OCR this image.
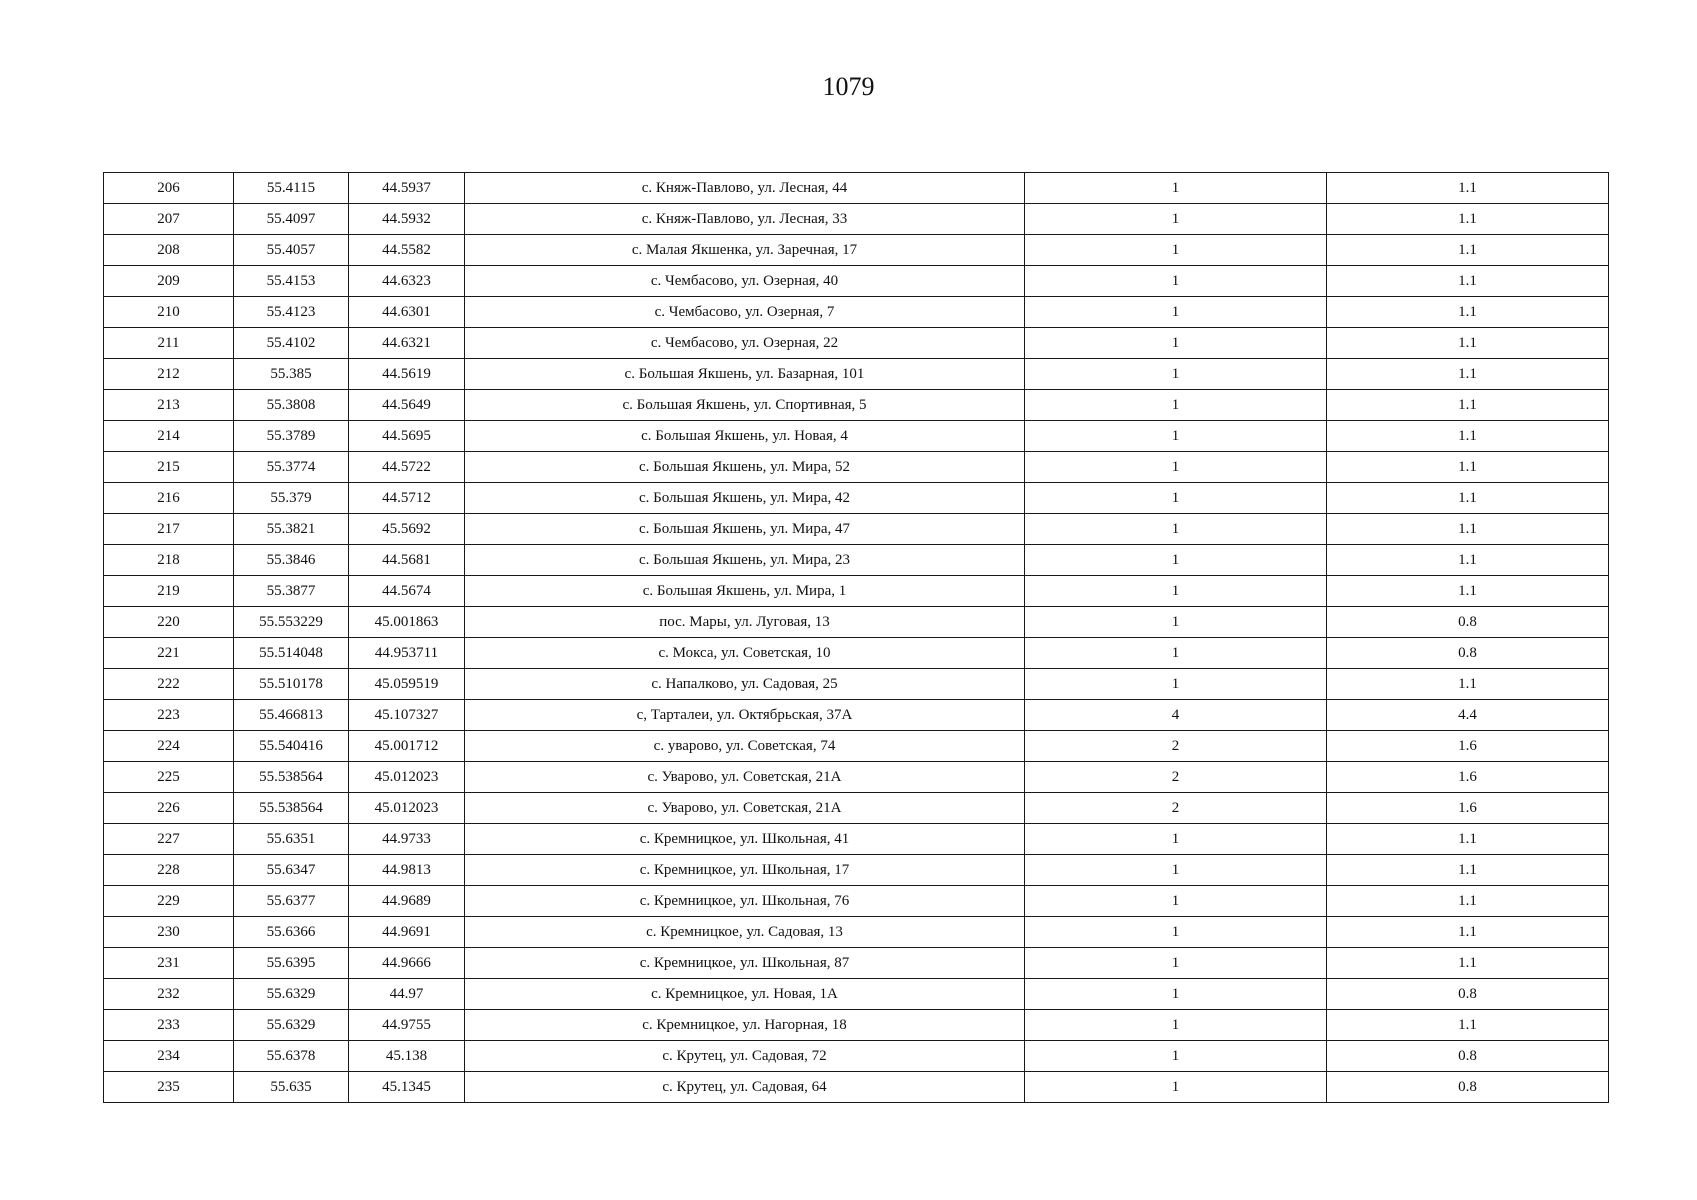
1079
206	55.4115	44.5937	с. Княж-Павлово, ул. Лесная, 44	1	1.1
207	55.4097	44.5932	с. Княж-Павлово, ул. Лесная, 33	1	1.1
208	55.4057	44.5582	с. Малая Якшенка, ул. Заречная, 17	1	1.1
209	55.4153	44.6323	с. Чембасово, ул. Озерная, 40	1	1.1
210	55.4123	44.6301	с. Чембасово, ул. Озерная, 7	1	1.1
211	55.4102	44.6321	с. Чембасово, ул. Озерная, 22	1	1.1
212	55.385	44.5619	с. Большая Якшень, ул. Базарная, 101	1	1.1
213	55.3808	44.5649	с. Большая Якшень, ул. Спортивная, 5	1	1.1
214	55.3789	44.5695	с. Большая Якшень, ул. Новая, 4	1	1.1
215	55.3774	44.5722	с. Большая Якшень, ул. Мира, 52	1	1.1
216	55.379	44.5712	с. Большая Якшень, ул. Мира, 42	1	1.1
217	55.3821	45.5692	с. Большая Якшень, ул. Мира, 47	1	1.1
218	55.3846	44.5681	с. Большая Якшень, ул. Мира, 23	1	1.1
219	55.3877	44.5674	с. Большая Якшень, ул. Мира, 1	1	1.1
220	55.553229	45.001863	пос. Мары, ул. Луговая, 13	1	0.8
221	55.514048	44.953711	с. Мокса, ул. Советская, 10	1	0.8
222	55.510178	45.059519	с. Напалково, ул. Садовая, 25	1	1.1
223	55.466813	45.107327	с, Тарталеи, ул. Октябрьская, 37А	4	4.4
224	55.540416	45.001712	с. уварово, ул. Советская, 74	2	1.6
225	55.538564	45.012023	с. Уварово, ул. Советская, 21А	2	1.6
226	55.538564	45.012023	с. Уварово, ул. Советская, 21А	2	1.6
227	55.6351	44.9733	с. Кремницкое, ул. Школьная, 41	1	1.1
228	55.6347	44.9813	с. Кремницкое, ул. Школьная, 17	1	1.1
229	55.6377	44.9689	с. Кремницкое, ул. Школьная, 76	1	1.1
230	55.6366	44.9691	с. Кремницкое, ул. Садовая, 13	1	1.1
231	55.6395	44.9666	с. Кремницкое, ул. Школьная, 87	1	1.1
232	55.6329	44.97	с. Кремницкое, ул. Новая, 1А	1	0.8
233	55.6329	44.9755	с. Кремницкое, ул. Нагорная, 18	1	1.1
234	55.6378	45.138	с. Крутец, ул. Садовая, 72	1	0.8
235	55.635	45.1345	с. Крутец, ул. Садовая, 64	1	0.8
